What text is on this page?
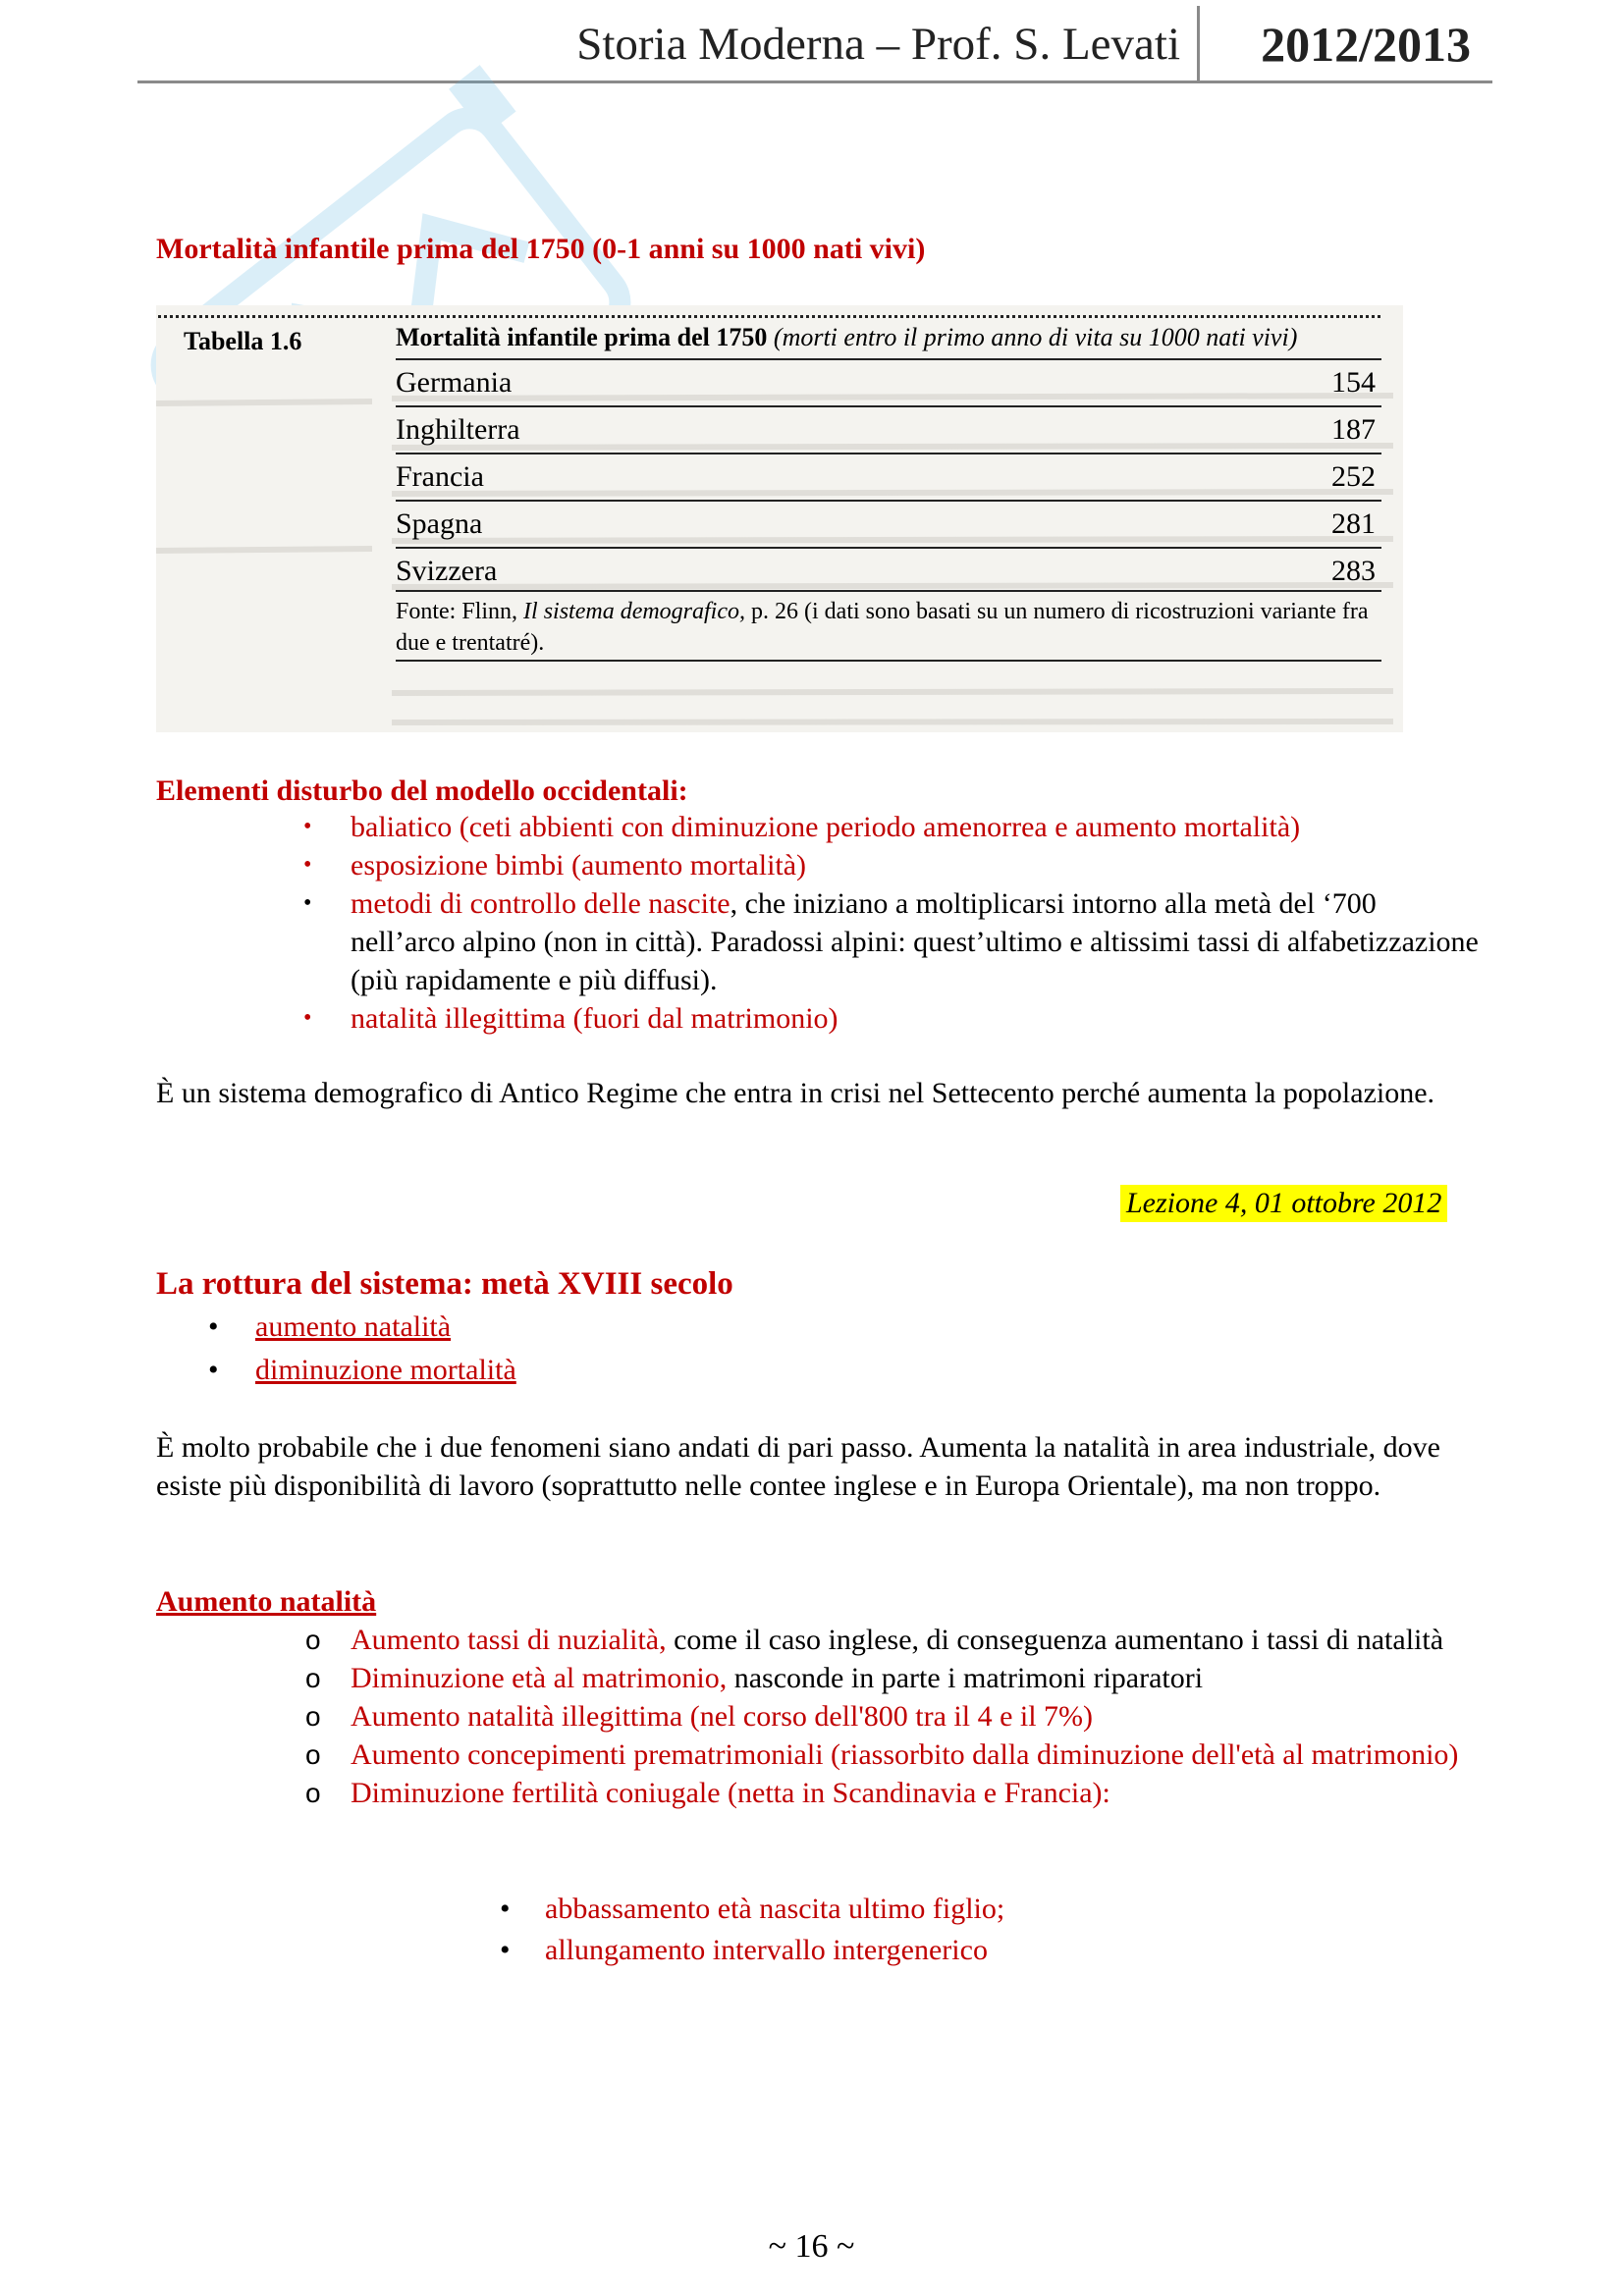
Storia Moderna – Prof. S. Levati 2012/2013
Mortalità infantile prima del 1750 (0-1 anni su 1000 nati vivi)
Tabella 1.6	Mortalità infantile prima del 1750 (morti entro il primo anno di vita su 1000 nati vivi)
Germania	154
Inghilterra	187
Francia	252
Spagna	281
Svizzera	283
Fonte: Flinn, Il sistema demografico, p. 26 (i dati sono basati su un numero di ricostruzioni variante fra due e trentatré).
Elementi disturbo del modello occidentali:
• baliatico (ceti abbienti con diminuzione periodo amenorrea e aumento mortalità)
• esposizione bimbi (aumento mortalità)
• metodi di controllo delle nascite, che iniziano a moltiplicarsi intorno alla metà del ‘700 nell’arco alpino (non in città). Paradossi alpini: quest’ultimo e altissimi tassi di alfabetizzazione (più rapidamente e più diffusi).
• natalità illegittima (fuori dal matrimonio)
È un sistema demografico di Antico Regime che entra in crisi nel Settecento perché aumenta la popolazione.
Lezione 4, 01 ottobre 2012
La rottura del sistema: metà XVIII secolo
• aumento natalità
• diminuzione mortalità
È molto probabile che i due fenomeni siano andati di pari passo. Aumenta la natalità in area industriale, dove esiste più disponibilità di lavoro (soprattutto nelle contee inglese e in Europa Orientale), ma non troppo.
Aumento natalità
o Aumento tassi di nuzialità, come il caso inglese, di conseguenza aumentano i tassi di natalità
o Diminuzione età al matrimonio, nasconde in parte i matrimoni riparatori
o Aumento natalità illegittima (nel corso dell'800 tra il 4 e il 7%)
o Aumento concepimenti prematrimoniali (riassorbito dalla diminuzione dell'età al matrimonio)
o Diminuzione fertilità coniugale (netta in Scandinavia e Francia):
• abbassamento età nascita ultimo figlio;
• allungamento intervallo intergenerico
~ 16 ~
